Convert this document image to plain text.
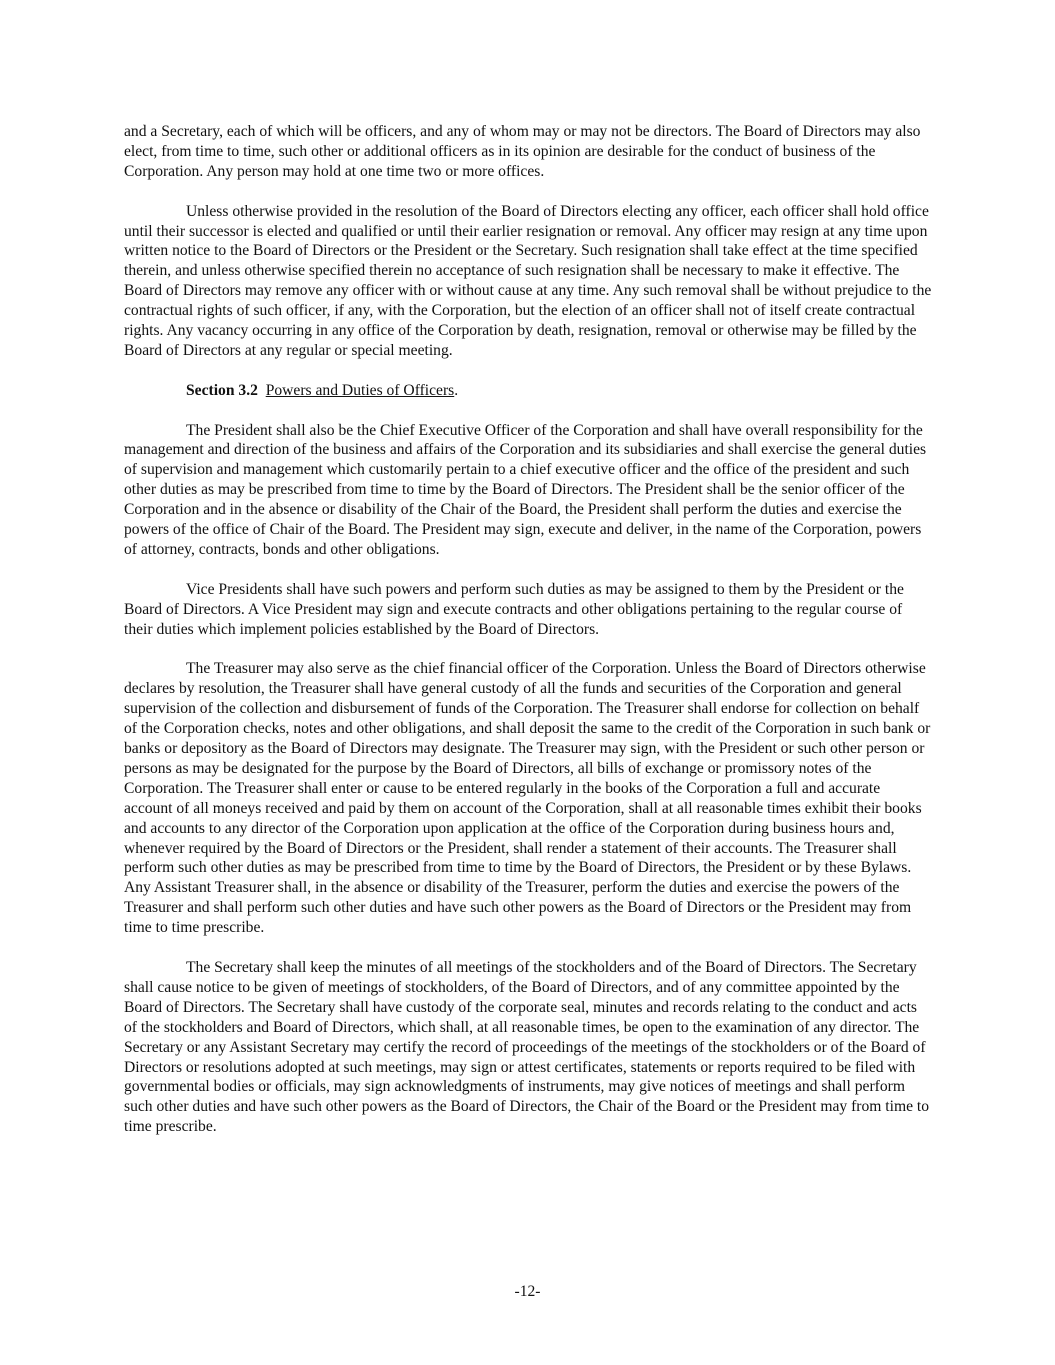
and a Secretary, each of which will be officers, and any of whom may or may not be directors. The Board of Directors may also elect, from time to time, such other or additional officers as in its opinion are desirable for the conduct of business of the Corporation. Any person may hold at one time two or more offices.

Unless otherwise provided in the resolution of the Board of Directors electing any officer, each officer shall hold office until their successor is elected and qualified or until their earlier resignation or removal. Any officer may resign at any time upon written notice to the Board of Directors or the President or the Secretary. Such resignation shall take effect at the time specified therein, and unless otherwise specified therein no acceptance of such resignation shall be necessary to make it effective. The Board of Directors may remove any officer with or without cause at any time. Any such removal shall be without prejudice to the contractual rights of such officer, if any, with the Corporation, but the election of an officer shall not of itself create contractual rights. Any vacancy occurring in any office of the Corporation by death, resignation, removal or otherwise may be filled by the Board of Directors at any regular or special meeting.

Section 3.2 Powers and Duties of Officers.

The President shall also be the Chief Executive Officer of the Corporation and shall have overall responsibility for the management and direction of the business and affairs of the Corporation and its subsidiaries and shall exercise the general duties of supervision and management which customarily pertain to a chief executive officer and the office of the president and such other duties as may be prescribed from time to time by the Board of Directors. The President shall be the senior officer of the Corporation and in the absence or disability of the Chair of the Board, the President shall perform the duties and exercise the powers of the office of Chair of the Board. The President may sign, execute and deliver, in the name of the Corporation, powers of attorney, contracts, bonds and other obligations.

Vice Presidents shall have such powers and perform such duties as may be assigned to them by the President or the Board of Directors. A Vice President may sign and execute contracts and other obligations pertaining to the regular course of their duties which implement policies established by the Board of Directors.

The Treasurer may also serve as the chief financial officer of the Corporation. Unless the Board of Directors otherwise declares by resolution, the Treasurer shall have general custody of all the funds and securities of the Corporation and general supervision of the collection and disbursement of funds of the Corporation. The Treasurer shall endorse for collection on behalf of the Corporation checks, notes and other obligations, and shall deposit the same to the credit of the Corporation in such bank or banks or depository as the Board of Directors may designate. The Treasurer may sign, with the President or such other person or persons as may be designated for the purpose by the Board of Directors, all bills of exchange or promissory notes of the Corporation. The Treasurer shall enter or cause to be entered regularly in the books of the Corporation a full and accurate account of all moneys received and paid by them on account of the Corporation, shall at all reasonable times exhibit their books and accounts to any director of the Corporation upon application at the office of the Corporation during business hours and, whenever required by the Board of Directors or the President, shall render a statement of their accounts. The Treasurer shall perform such other duties as may be prescribed from time to time by the Board of Directors, the President or by these Bylaws. Any Assistant Treasurer shall, in the absence or disability of the Treasurer, perform the duties and exercise the powers of the Treasurer and shall perform such other duties and have such other powers as the Board of Directors or the President may from time to time prescribe.

The Secretary shall keep the minutes of all meetings of the stockholders and of the Board of Directors. The Secretary shall cause notice to be given of meetings of stockholders, of the Board of Directors, and of any committee appointed by the Board of Directors. The Secretary shall have custody of the corporate seal, minutes and records relating to the conduct and acts of the stockholders and Board of Directors, which shall, at all reasonable times, be open to the examination of any director. The Secretary or any Assistant Secretary may certify the record of proceedings of the meetings of the stockholders or of the Board of Directors or resolutions adopted at such meetings, may sign or attest certificates, statements or reports required to be filed with governmental bodies or officials, may sign acknowledgments of instruments, may give notices of meetings and shall perform such other duties and have such other powers as the Board of Directors, the Chair of the Board or the President may from time to time prescribe.

-12-
